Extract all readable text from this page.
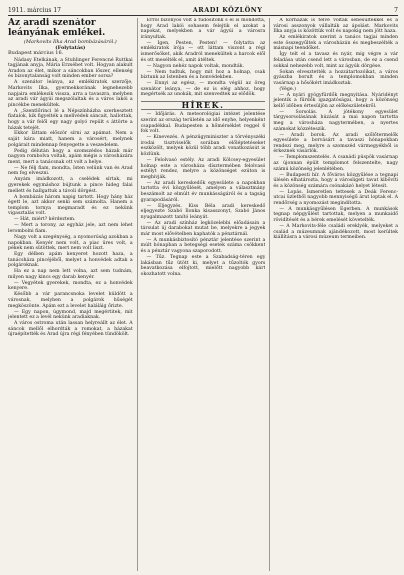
1911. március 17	ARADI KÖZLÖNY	7
Az aradi szenátor leányának emlékei.
(Markovits Ilka Arad bombázásáról.)
(Folytatás)
Budapest március 16.

Nádasy Etelkának, a Stuhlinger Ferencné Ruttkai tagjának anyja, Mária Erzsébet volt. Hogyan alakult Aradon az élet, mikor a sáncokban lőszer, ellenség és bizonytalanság volt minden ember sorsa?

A szenátor leánya, az emlékiratok szerzője, Markovits Ilka, gyermekkorának legnehezebb napjaira emlékezik vissza, arra a tavaszra, melyben az aradi vár ágyúi megszólaltak és a város lakói a pincékbe menekültek.

A „Szentlőrinci lé a Népszínházba szerkesztett fiatalok, kik figyelték a mellvédek sáncait, hallottak, hogy a vár felől egy nagy golyó repült s áttörte a házak tetejét.

Ekkor láttam először sírni az apámat. Nem a saját kára miatt, hanem a városért, melynek polgárait mindennap fenyegette a veszedelem.

Pedig délután hogy a szomszédos házak már nagyon rombolva voltak, apám mégis a városházára ment, mert a tanácsnak ott volt a helye.

— Ne félj fiam, mondta, Isten velünk van és Arad nem fog elveszni.

Anyám imádkozott, a cselédek sírtak, mi gyerekek egymáshoz bújtunk a pince hideg falai mellett és hallgattuk a távoli dörgést.

A bombázás három napig tartott. Hogy hány ház égett le, azt akkor senki sem számolta. Hanem a templom tornya megmaradt és ez nekünk vigasztalás volt.

— Hát, miért? kérdeztem.

— Mert a torony, az egyház jele, azt nem lehet lerombolni fiam.

Nagy volt a szegénység, a nyomorúság azokban a napokban. Kenyér nem volt, a piac üres volt, a pékek nem sütöttek, mert nem volt liszt.

Egy délben apám kenyeret hozott haza, a tanácsháza pincéjéből, melyet a honvédek adtak a polgároknak.

Ha ez a nap nem lett volna, azt sem tudnám, milyen nagy kincs egy darab kenyér.

— Vegyétek gyerekek, mondta, ez a honvédek kenyere.

Később a vár parancsnoka levelet küldött a városnak, melyben a polgárok hűségét megköszönte. Apám ezt a levelet haláláig őrizte.

— Egy napon, úgymond, majd megértitek, mit jelentett ez a levél nekünk aradiaknak.

A város ostroma után lassan helyreállt az élet. A sáncok mellől elhordták a romokat, a házakat újraépítették és Arad újra régi fényében tündökölt.

Erről bizonyos volt a tudósítónk s el is mondotta, hogy Arad lakói sohasem felejtik el azokat a napokat, melyekben a vár ágyúi a városra irányultak.

— Igen, Pesten, Pesten! — folytatta az emlékiratok írója — ott láttam viszont a régi ismerősöket, akik Aradról menekültek a harcok elől és ott mesélték el, amit átéltek.

— Nagyon nehéz napok voltak, mondták.

— Nem tudtuk, hogy mit hoz a holnap, csak bíztunk az Istenben és a honvédekben.

— Ennyi az egész, — mondta végül az öreg szenátor leánya, — de ez is elég ahhoz, hogy megértsék az unokák, mit szenvedtek az elődök.

HÍREK.

— Időjárás. A meteorológiai intézet jelentése szerint az ország területén az idő enyhe, helyenként csapadékkal. Budapesten a hőmérséklet reggel 6 fok volt.

— Kinevezés. A pénzügyminiszter a törvényszéki irodai tisztviselők sorában előléptetéseket eszközölt, melyek közül több aradi vonatkozásút is közlünk.

— Felolvasó estély. Az aradi Kölcsey-egyesület holnap este a városháza dísztermében felolvasó estélyt rendez, melyre a közönséget ezúton is meghívják.

— Az aradi kereskedők egyesülete a napokban tartotta évi közgyűlését, amelyen a választmány beszámolt az elmúlt év munkásságáról és a tagság gyarapodásáról.

— Eljegyzés. Kiss Béla aradi kereskedő eljegyezte Szabó Ilonka kisasszonyt, Szabó János nyugalmazott tanító leányát.

— Az aradi színház legközelebbi előadásain a társulat új darabokat mutat be, melyekre a jegyek már most elővételben kaphatók a pénztárnál.

— A munkásbiztosító pénztár jelentése szerint a múlt hónapban a betegségi esetek száma csökkent és a pénztár vagyona szaporodott.

— Tűz. Tegnap este a Szabadság-téren egy lakásban tűz ütött ki, melyet a tűzoltók gyors beavatkozása elfojtott, mielőtt nagyobb kárt okozhatott volna.

A kórházak is telve voltak sebesültekkel és a városi asszonyok vállalták az ápolást. Markovits Ilka anyja is közöttük volt és napokig nem jött haza.

Az emlékiratok szerint a tanács tagjai minden este összegyűltek a városházán és megbeszélték a másnapi teendőket.

Így telt el a tavasz és nyár, míg végre a vár feladása után csend lett a városban, de ez a csend sokkal nehezebb volt, mint az ágyúk dörgése.

Sokan elvesztették a hozzátartozóikat, a város gyászba borult és a templomokban minden vasárnap a hősökért imádkoztak.

(Vége.)

— A nyári gyógyfürdők megnyitása. Nyáridényt jelentik a fürdők igazgatóságai, hogy a közönség kellő időben értesüljön az előkészületekről.

— Sorsolás. A jótékony egyesület tárgysorsolásának húzását a mai napon tartotta meg a városháza nagytermében, a nyertes számokat közzéteszik.

— Aradi borok. Az aradi szőlőtermelők egyesülete a borvásárt a tavaszi hónapokban rendezi meg, melyre a szomszéd vármegyékből is érkeznek vásárlók.

— Templomszentelés. A csanádi püspök vasárnap az újonnan épült templomot felszentelte, nagy számú közönség jelenlétében.

— Budapesti hír. A főváros közgyűlése a tegnapi ülésén elhatározta, hogy a városligeti tavat kibővíti és a közönség számára csónakázó helyet létesít.

— Lopás. Ismeretlen tettesek a Deák Ferenc-utcai üzletből nagyobb mennyiségű árut loptak el. A rendőrség a nyomozást megindította.

— A munkásgyűlésen Egerben. A munkások tegnap népgyűlést tartottak, melyen a munkaidő rövidítését és a bérek emelését követelték.

— A Markovits-féle családi ereklyék, melyeket a család a múzeumnak ajándékozott, most kerültek kiállításra a városi múzeum termeiben.
